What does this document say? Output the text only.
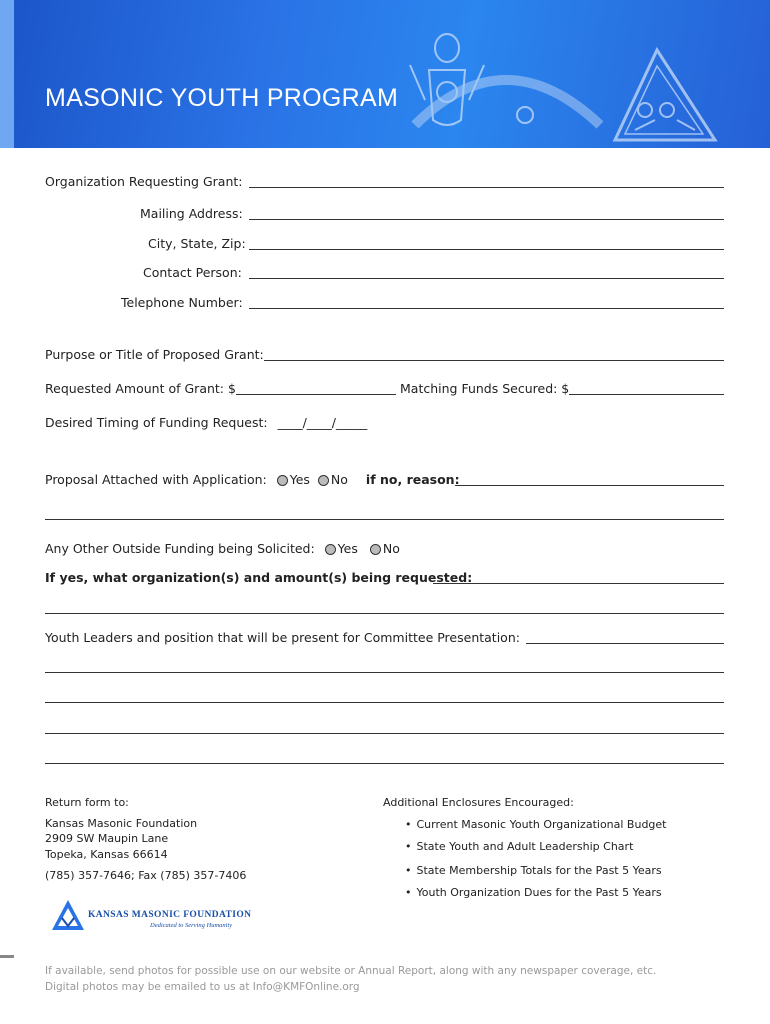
MASONIC YOUTH PROGRAM
Organization Requesting Grant:
Mailing Address:
City, State, Zip:
Contact Person:
Telephone Number:
Purpose or Title of Proposed Grant:
Requested Amount of Grant: $	Matching Funds Secured: $
Desired Timing of Funding Request: ____/____/_____
Proposal Attached with Application: Yes No if no, reason:
Any Other Outside Funding being Solicited: Yes No
If yes, what organization(s) and amount(s) being requested:
Youth Leaders and position that will be present for Committee Presentation:
Return form to:
Kansas Masonic Foundation
2909 SW Maupin Lane
Topeka, Kansas 66614
(785) 357-7646; Fax (785) 357-7406
Additional Enclosures Encouraged:
• Current Masonic Youth Organizational Budget
• State Youth and Adult Leadership Chart
• State Membership Totals for the Past 5 Years
• Youth Organization Dues for the Past 5 Years
KANSAS MASONIC FOUNDATION
Dedicated to Serving Humanity
If available, send photos for possible use on our website or Annual Report, along with any newspaper coverage, etc.
Digital photos may be emailed to us at Info@KMFOnline.org
